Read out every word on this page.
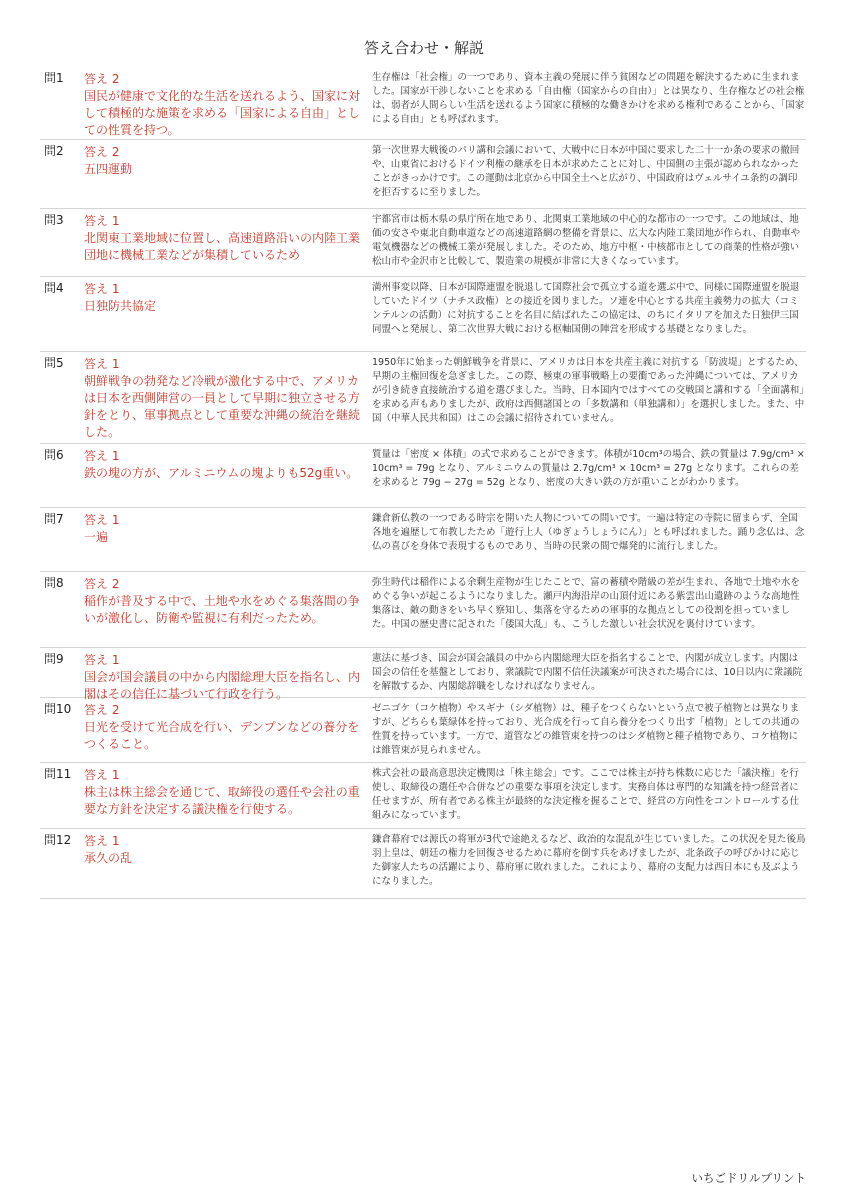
答え合わせ・解説
問1	答え 2
国民が健康で文化的な生活を送れるよう、国家に対して積極的な施策を求める「国家による自由」としての性質を持つ。
生存権は「社会権」の一つであり、資本主義の発展に伴う貧困などの問題を解決するために生まれました。国家が干渉しないことを求める「自由権（国家からの自由）」とは異なり、生存権などの社会権は、弱者が人間らしい生活を送れるよう国家に積極的な働きかけを求める権利であることから、「国家による自由」とも呼ばれます。
問2	答え 2
五四運動
第一次世界大戦後のパリ講和会議において、大戦中に日本が中国に要求した二十一か条の要求の撤回や、山東省におけるドイツ利権の継承を日本が求めたことに対し、中国側の主張が認められなかったことがきっかけです。この運動は北京から中国全土へと広がり、中国政府はヴェルサイユ条約の調印を拒否するに至りました。
問3	答え 1
北関東工業地域に位置し、高速道路沿いの内陸工業団地に機械工業などが集積しているため
宇都宮市は栃木県の県庁所在地であり、北関東工業地域の中心的な都市の一つです。この地域は、地価の安さや東北自動車道などの高速道路網の整備を背景に、広大な内陸工業団地が作られ、自動車や電気機器などの機械工業が発展しました。そのため、地方中枢・中核都市としての商業的性格が強い松山市や金沢市と比較して、製造業の規模が非常に大きくなっています。
問4	答え 1
日独防共協定
満州事変以降、日本が国際連盟を脱退して国際社会で孤立する道を選ぶ中で、同様に国際連盟を脱退していたドイツ（ナチス政権）との接近を図りました。ソ連を中心とする共産主義勢力の拡大（コミンテルンの活動）に対抗することを名目に結ばれたこの協定は、のちにイタリアを加えた日独伊三国同盟へと発展し、第二次世界大戦における枢軸国側の陣営を形成する基礎となりました。
問5	答え 1
朝鮮戦争の勃発など冷戦が激化する中で、アメリカは日本を西側陣営の一員として早期に独立させる方針をとり、軍事拠点として重要な沖縄の統治を継続した。
1950年に始まった朝鮮戦争を背景に、アメリカは日本を共産主義に対抗する「防波堤」とするため、早期の主権回復を急ぎました。この際、極東の軍事戦略上の要衝であった沖縄については、アメリカが引き続き直接統治する道を選びました。当時、日本国内ではすべての交戦国と講和する「全面講和」を求める声もありましたが、政府は西側諸国との「多数講和（単独講和）」を選択しました。また、中国（中華人民共和国）はこの会議に招待されていません。
問6	答え 1
鉄の塊の方が、アルミニウムの塊よりも52g重い。
質量は「密度 × 体積」の式で求めることができます。体積が10cm³の場合、鉄の質量は 7.9g/cm³ × 10cm³ = 79g となり、アルミニウムの質量は 2.7g/cm³ × 10cm³ = 27g となります。これらの差を求めると 79g − 27g = 52g となり、密度の大きい鉄の方が重いことがわかります。
問7	答え 1
一遍
鎌倉新仏教の一つである時宗を開いた人物についての問いです。一遍は特定の寺院に留まらず、全国各地を遍歴して布教したため「遊行上人（ゆぎょうしょうにん）」とも呼ばれました。踊り念仏は、念仏の喜びを身体で表現するものであり、当時の民衆の間で爆発的に流行しました。
問8	答え 2
稲作が普及する中で、土地や水をめぐる集落間の争いが激化し、防衛や監視に有利だったため。
弥生時代は稲作による余剰生産物が生じたことで、富の蓄積や階級の差が生まれ、各地で土地や水をめぐる争いが起こるようになりました。瀬戸内海沿岸の山頂付近にある紫雲出山遺跡のような高地性集落は、敵の動きをいち早く察知し、集落を守るための軍事的な拠点としての役割を担っていました。中国の歴史書に記された「倭国大乱」も、こうした激しい社会状況を裏付けています。
問9	答え 1
国会が国会議員の中から内閣総理大臣を指名し、内閣はその信任に基づいて行政を行う。
憲法に基づき、国会が国会議員の中から内閣総理大臣を指名することで、内閣が成立します。内閣は国会の信任を基盤としており、衆議院で内閣不信任決議案が可決された場合には、10日以内に衆議院を解散するか、内閣総辞職をしなければなりません。
問10	答え 2
日光を受けて光合成を行い、デンプンなどの養分をつくること。
ゼニゴケ（コケ植物）やスギナ（シダ植物）は、種子をつくらないという点で被子植物とは異なりますが、どちらも葉緑体を持っており、光合成を行って自ら養分をつくり出す「植物」としての共通の性質を持っています。一方で、道管などの維管束を持つのはシダ植物と種子植物であり、コケ植物には維管束が見られません。
問11	答え 1
株主は株主総会を通じて、取締役の選任や会社の重要な方針を決定する議決権を行使する。
株式会社の最高意思決定機関は「株主総会」です。ここでは株主が持ち株数に応じた「議決権」を行使し、取締役の選任や合併などの重要な事項を決定します。実務自体は専門的な知識を持つ経営者に任せますが、所有者である株主が最終的な決定権を握ることで、経営の方向性をコントロールする仕組みになっています。
問12	答え 1
承久の乱
鎌倉幕府では源氏の将軍が3代で途絶えるなど、政治的な混乱が生じていました。この状況を見た後鳥羽上皇は、朝廷の権力を回復させるために幕府を倒す兵をあげましたが、北条政子の呼びかけに応じた御家人たちの活躍により、幕府軍に敗れました。これにより、幕府の支配力は西日本にも及ぶようになりました。
いちごドリルプリント
